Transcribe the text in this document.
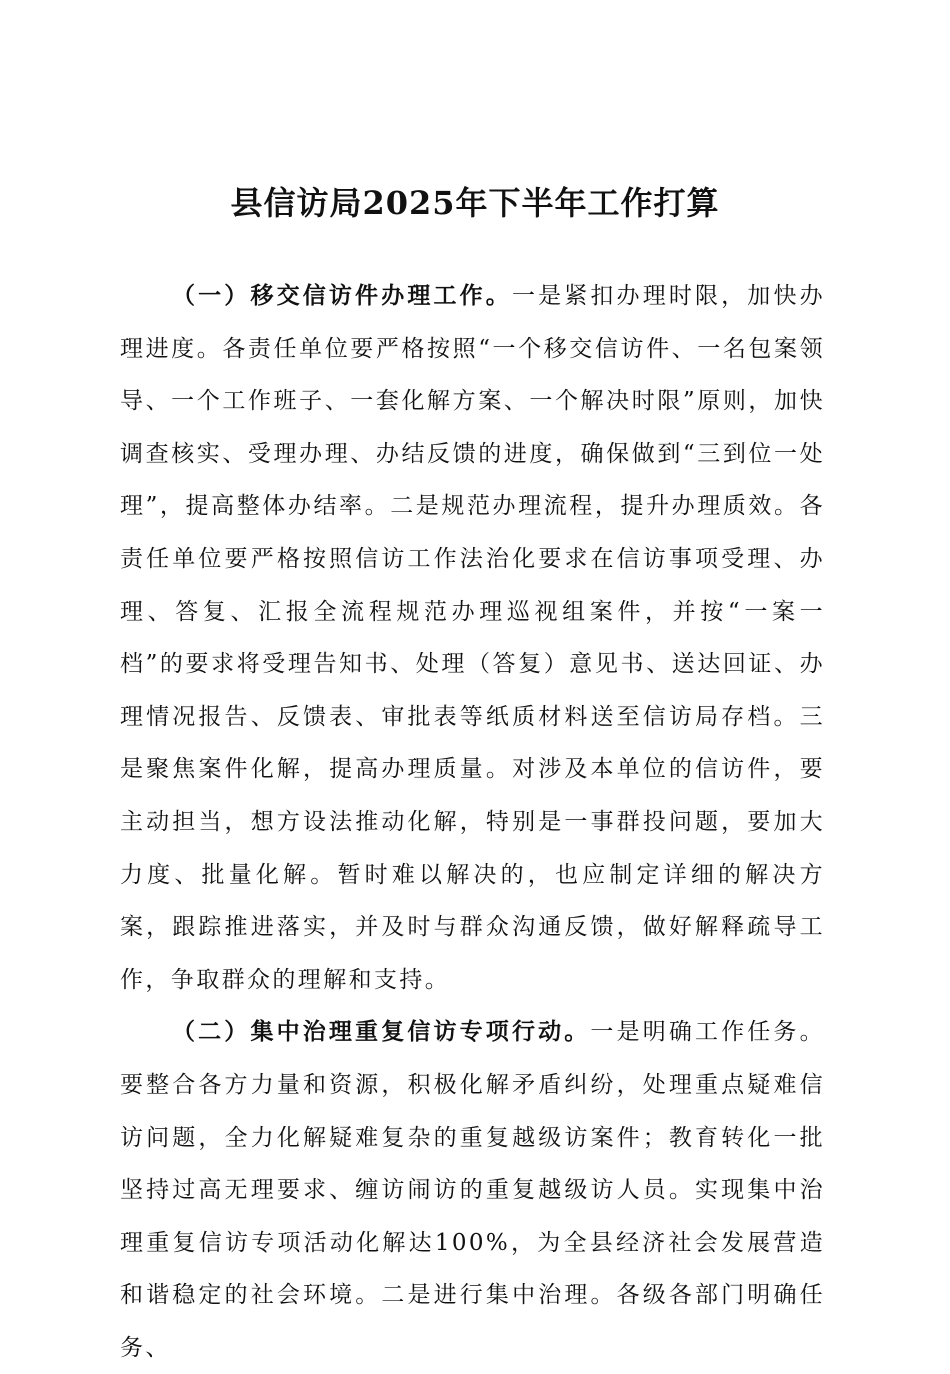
县信访局2025年下半年工作打算

（一）移交信访件办理工作。一是紧扣办理时限，加快办理进度。各责任单位要严格按照“一个移交信访件、一名包案领导、一个工作班子、一套化解方案、一个解决时限”原则，加快调查核实、受理办理、办结反馈的进度，确保做到“三到位一处理”，提高整体办结率。二是规范办理流程，提升办理质效。各责任单位要严格按照信访工作法治化要求在信访事项受理、办理、答复、汇报全流程规范办理巡视组案件，并按“一案一档”的要求将受理告知书、处理（答复）意见书、送达回证、办理情况报告、反馈表、审批表等纸质材料送至信访局存档。三是聚焦案件化解，提高办理质量。对涉及本单位的信访件，要主动担当，想方设法推动化解，特别是一事群投问题，要加大力度、批量化解。暂时难以解决的，也应制定详细的解决方案，跟踪推进落实，并及时与群众沟通反馈，做好解释疏导工作，争取群众的理解和支持。

（二）集中治理重复信访专项行动。一是明确工作任务。要整合各方力量和资源，积极化解矛盾纠纷，处理重点疑难信访问题，全力化解疑难复杂的重复越级访案件；教育转化一批坚持过高无理要求、缠访闹访的重复越级访人员。实现集中治理重复信访专项活动化解达100%，为全县经济社会发展营造和谐稳定的社会环境。二是进行集中治理。各级各部门明确任务、
